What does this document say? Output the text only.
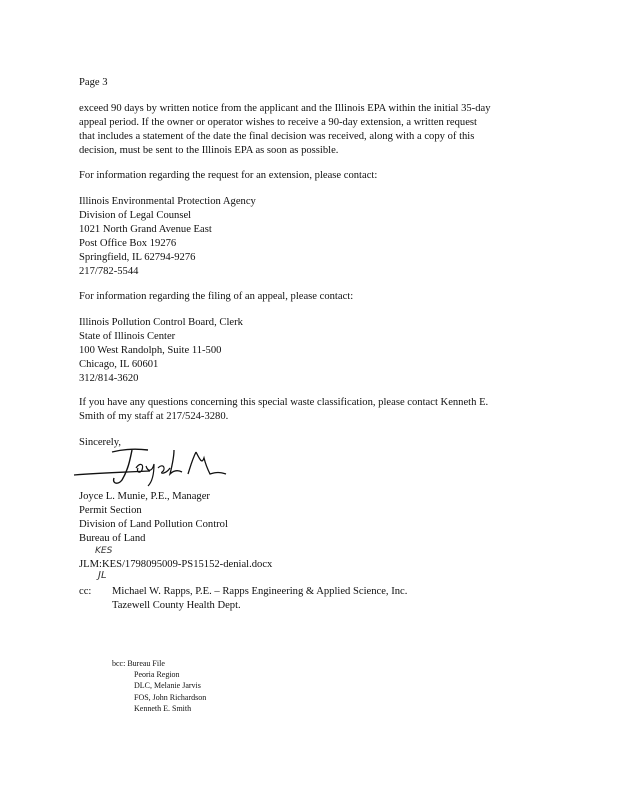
Page 3

exceed 90 days by written notice from the applicant and the Illinois EPA within the initial 35-day
appeal period. If the owner or operator wishes to receive a 90-day extension, a written request
that includes a statement of the date the final decision was received, along with a copy of this
decision, must be sent to the Illinois EPA as soon as possible.

For information regarding the request for an extension, please contact:

Illinois Environmental Protection Agency
Division of Legal Counsel
1021 North Grand Avenue East
Post Office Box 19276
Springfield, IL 62794-9276
217/782-5544

For information regarding the filing of an appeal, please contact:

Illinois Pollution Control Board, Clerk
State of Illinois Center
100 West Randolph, Suite 11-500
Chicago, IL 60601
312/814-3620
If you have any questions concerning this special waste classification, please contact Kenneth E.
Smith of my staff at 217/524-3280.

Sincerely,

Joyce L. Munie, P.E., Manager
Permit Section
Division of Land Pollution Control
Bureau of Land
KES

JLM:KES/1798095009-PS15152-denial.docx

JL
cc: Michael W. Rapps, P.E. – Rapps Engineering & Applied Science, Inc.
Tazewell County Health Dept.
bcc: Bureau File
Peoria Region
DLC, Melanie Jarvis
FOS, John Richardson
Kenneth E. Smith
